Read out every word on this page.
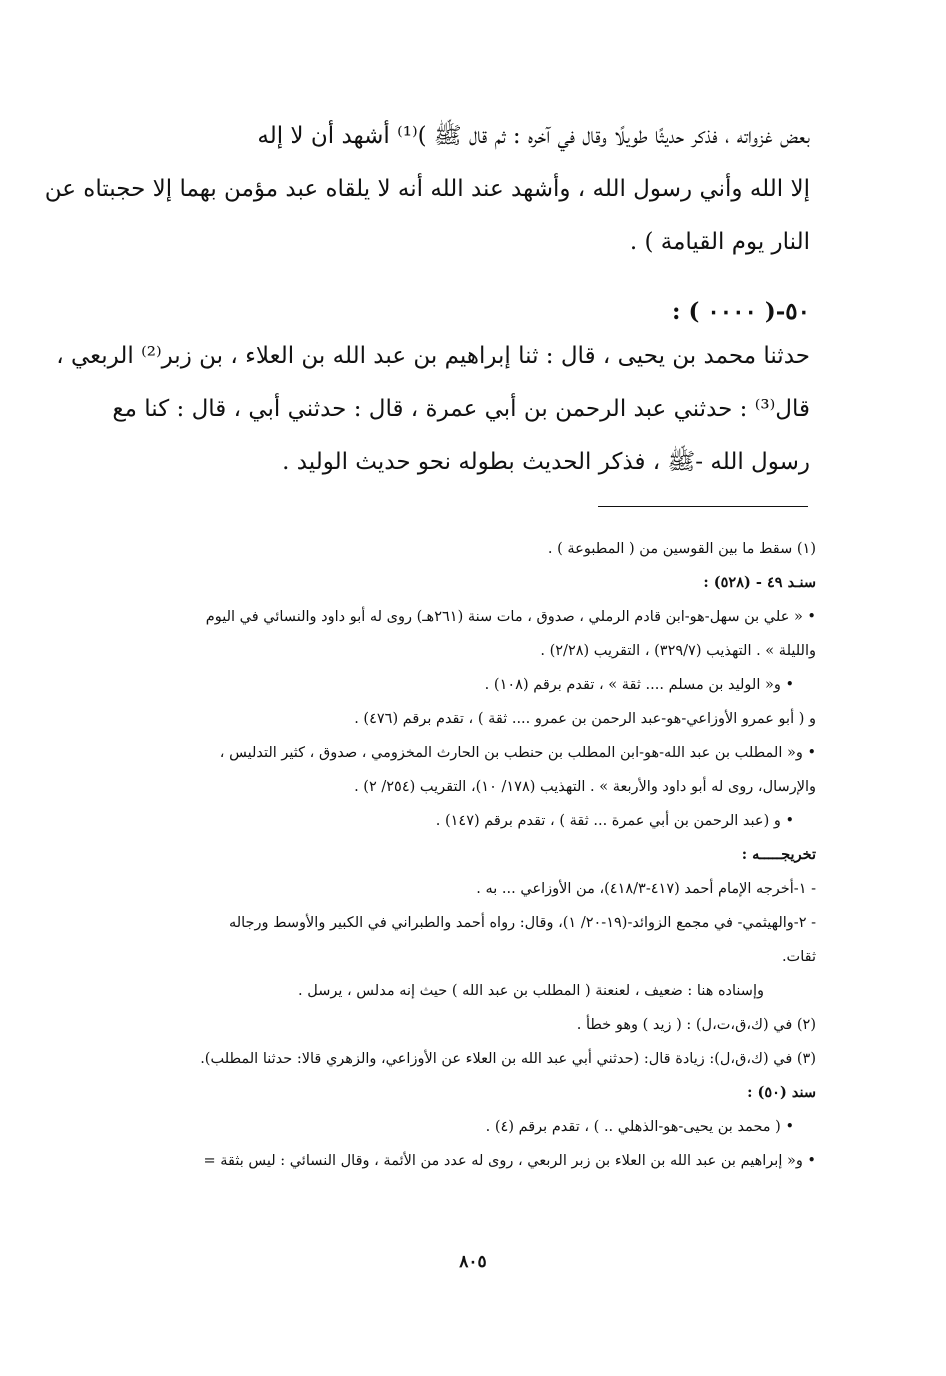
بعض غزواته ، فذكر حديثًا طويلًا وقال في آخره : ثم قال ﷺ )⁽¹⁾ أشهد أن لا إله
إلا الله وأني رسول الله ، وأشهد عند الله أنه لا يلقاه عبد مؤمن بهما إلا حجبتاه عن
النار يوم القيامة ) .
٥٠-( ٠٠٠٠ ) :
حدثنا محمد بن يحيى ، قال : ثنا إبراهيم بن عبد الله بن العلاء ، بن زبر⁽²⁾ الربعي ،
قال⁽³⁾ : حدثني عبد الرحمن بن أبي عمرة ، قال : حدثني أبي ، قال : كنا مع
رسول الله -ﷺ ، فذكر الحديث بطوله نحو حديث الوليد .
(١) سقط ما بين القوسين من ( المطبوعة ) .
سنـد ٤٩ - (٥٢٨) :
• « علي بن سهل-هو-ابن قادم الرملي ، صدوق ، مات سنة (٢٦١هـ) روى له أبو داود والنسائي في اليوم
والليلة » . التهذيب (٣٢٩/٧) ، التقريب (٢/٢٨) .
• و« الوليد بن مسلم .... ثقة » ، تقدم برقم (١٠٨) .
و ( أبو عمرو الأوزاعي-هو-عبد الرحمن بن عمرو .... ثقة ) ، تقدم برقم (٤٧٦) .
• و« المطلب بن عبد الله-هو-ابن المطلب بن حنطب بن الحارث المخزومي ، صدوق ، كثير التدليس ،
والإرسال، روى له أبو داود والأربعة » . التهذيب (١٧٨/ ١٠)، التقريب (٢٥٤/ ٢) .
• و (عبد الرحمن بن أبي عمرة ... ثقة ) ، تقدم برقم (١٤٧) .
تخريجـــــه :
- ١-أخرجه الإمام أحمد (٤١٧-٤١٨/٣)، من الأوزاعي ... به .
- ٢-والهيثمي- في مجمع الزوائد-(١٩-٢٠/ ١)، وقال: رواه أحمد والطبراني في الكبير والأوسط ورجاله
ثقات.
وإسناده هنا : ضعيف ، لعنعنة ( المطلب بن عبد الله ) حيث إنه مدلس ، يرسل .
(٢) في (ك،ق،ت،ل) : ( زيد ) وهو خطأ .
(٣) في (ك،ق،ل): زيادة قال: (حدثني أبي عبد الله بن العلاء عن الأوزاعي، والزهري قالا: حدثنا المطلب).
سند (٥٠) :
• ( محمد بن يحيى-هو-الذهلي .. ) ، تقدم برقم (٤) .
• و« إبراهيم بن عبد الله بن العلاء بن زبر الربعي ، روى له عدد من الأئمة ، وقال النسائي : ليس بثقة =
٨٠٥
